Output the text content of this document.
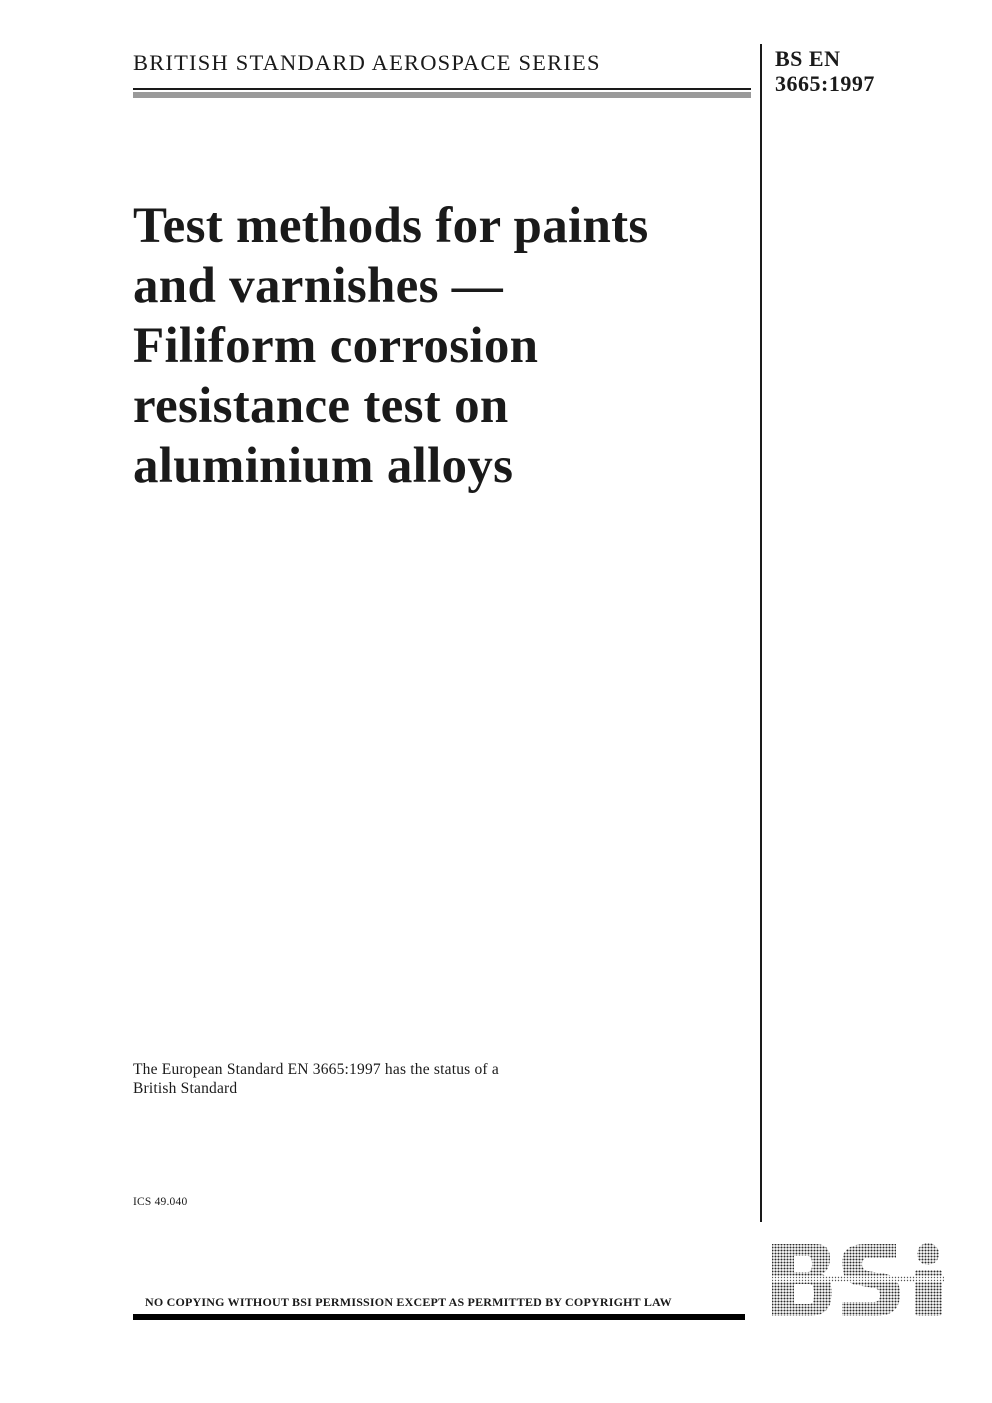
BRITISH STANDARD AEROSPACE SERIES	BS EN
3665:1997
Test methods for paints
and varnishes —
Filiform corrosion
resistance test on
aluminium alloys
The European Standard EN 3665:1997 has the status of a
British Standard
ICS 49.040
NO COPYING WITHOUT BSI PERMISSION EXCEPT AS PERMITTED BY COPYRIGHT LAW
